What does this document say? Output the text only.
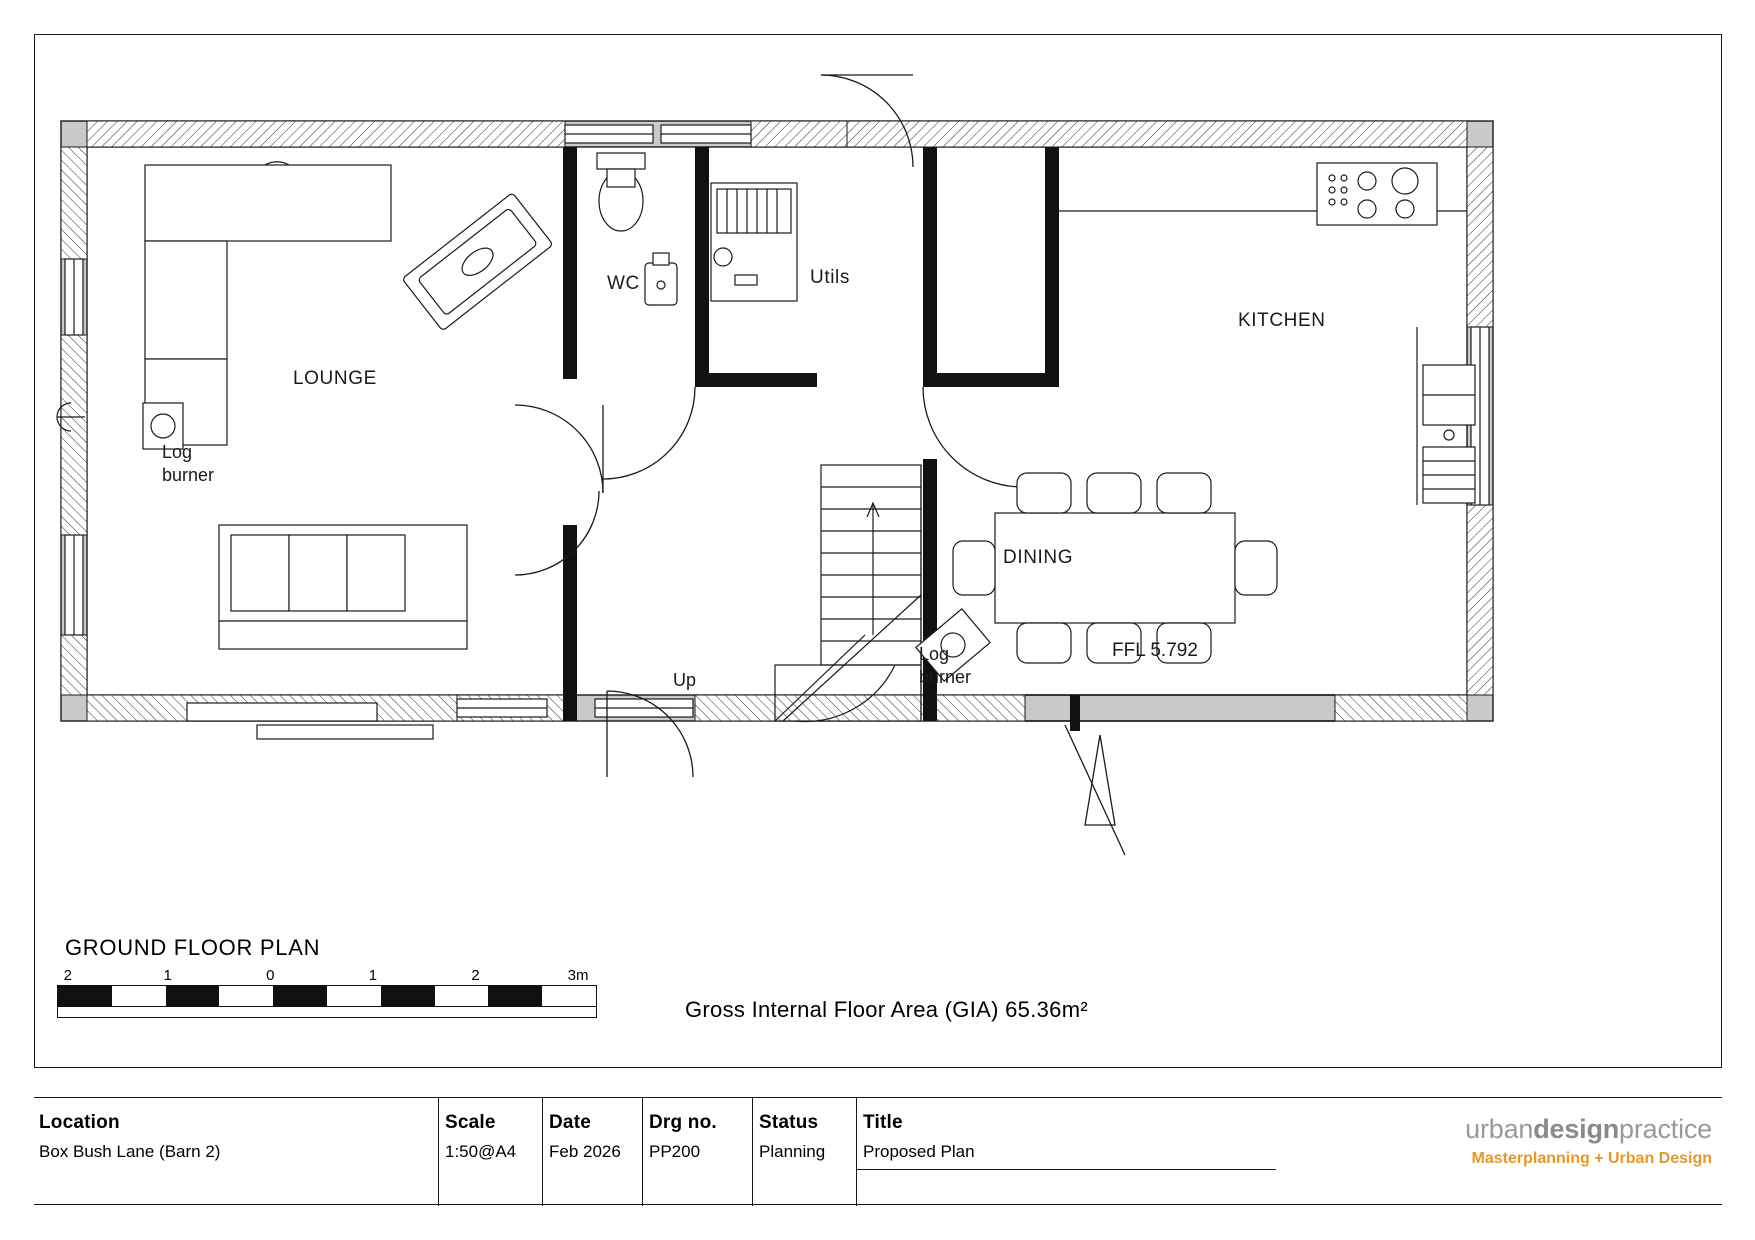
LOUNGE
WC	Utils
KITCHEN
DINING
Log
burner
Log
burner
Up
FFL 5.792
GROUND FLOOR PLAN
Gross Internal Floor Area (GIA) 65.36m²
2	1	0	1	2	3m
Location
Box Bush Lane (Barn 2)
Scale
1:50@A4
Date
Feb 2026
Drg no.
PP200
Status
Planning
Title
Proposed Plan
urbandesignpractice
Masterplanning + Urban Design
